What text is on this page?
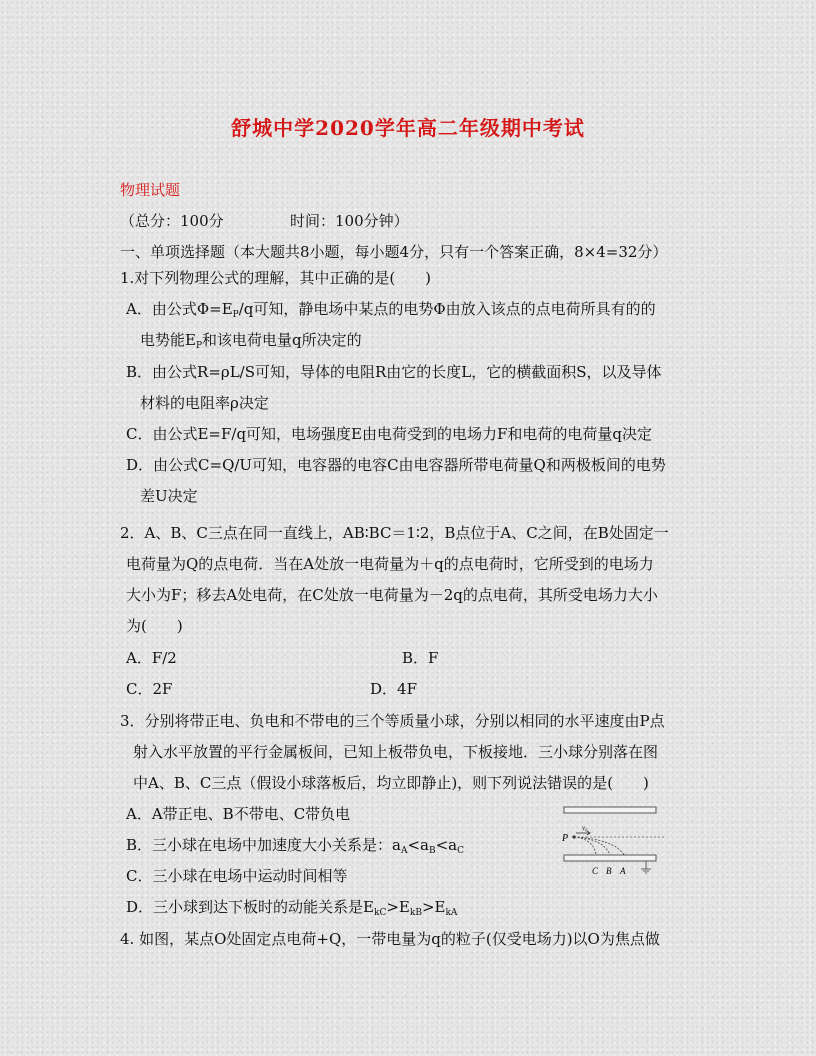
舒城中学2020学年高二年级期中考试
物理试题
（总分：100分	时间：100分钟）
一、单项选择题（本大题共8小题，每小题4分，只有一个答案正确，8×4=32分）
1.对下列物理公式的理解，其中正确的是(　　)
A．由公式$\Phi=E_P/q$可知，静电场中某点的电势Φ由放入该点的点电荷所具有的的
电势能$E_P$和该电荷电量q所决定的
B．由公式R=ρL/S可知，导体的电阻R由它的长度L，它的横截面积S，以及导体
材料的电阻率ρ决定
C．由公式E=F/q可知，电场强度E由电荷受到的电场力F和电荷的电荷量q决定
D．由公式C=Q/U可知，电容器的电容C由电容器所带电荷量Q和两极板间的电势
差U决定
2．A、B、C三点在同一直线上，AB∶BC＝1∶2，B点位于A、C之间，在B处固定一
电荷量为Q的点电荷．当在A处放一电荷量为＋q的点电荷时，它所受到的电场力
大小为F；移去A处电荷，在C处放一电荷量为－2q的点电荷，其所受电场力大小
为(　　)
A．F/2	B．F
C．2F	D．4F
3．分别将带正电、负电和不带电的三个等质量小球，分别以相同的水平速度由P点
射入水平放置的平行金属板间，已知上板带负电，下板接地．三小球分别落在图
中A、B、C三点（假设小球落板后，均立即静止)，则下列说法错误的是(　　)
A．A带正电、B不带电、C带负电
B．三小球在电场中加速度大小关系是：$a_A<a_B<a_C$
C．三小球在电场中运动时间相等
D．三小球到达下板时的动能关系是$E_{kC}>E_{kB}>E_{kA}$
P
v₀
C B A
4. 如图，某点O处固定点电荷+Q，一带电量为q的粒子(仅受电场力)以O为焦点做
